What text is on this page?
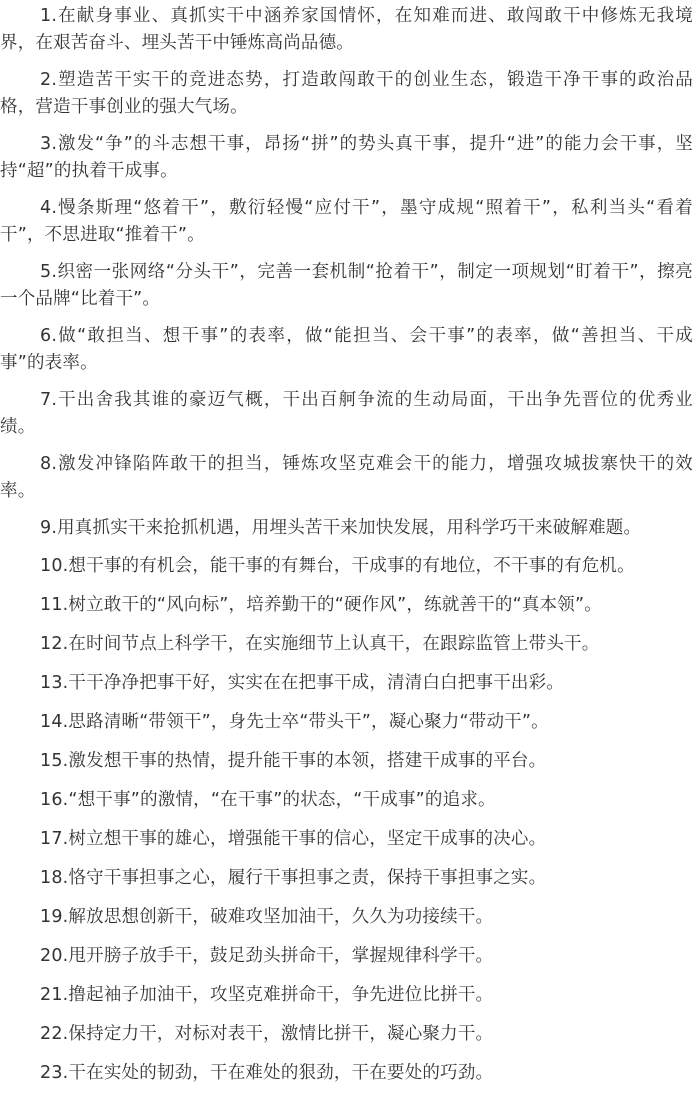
1.在献身事业、真抓实干中涵养家国情怀，在知难而进、敢闯敢干中修炼无我境界，在艰苦奋斗、埋头苦干中锤炼高尚品德。

2.塑造苦干实干的竞进态势，打造敢闯敢干的创业生态，锻造干净干事的政治品格，营造干事创业的强大气场。

3.激发“争”的斗志想干事，昂扬“拼”的势头真干事，提升“进”的能力会干事，坚持“超”的执着干成事。

4.慢条斯理“悠着干”，敷衍轻慢“应付干”，墨守成规“照着干”，私利当头“看着干”，不思进取“推着干”。

5.织密一张网络“分头干”，完善一套机制“抢着干”，制定一项规划“盯着干”，擦亮一个品牌“比着干”。

6.做“敢担当、想干事”的表率，做“能担当、会干事”的表率，做“善担当、干成事”的表率。

7.干出舍我其谁的豪迈气概，干出百舸争流的生动局面，干出争先晋位的优秀业绩。

8.激发冲锋陷阵敢干的担当，锤炼攻坚克难会干的能力，增强攻城拔寨快干的效率。

9.用真抓实干来抢抓机遇，用埋头苦干来加快发展，用科学巧干来破解难题。

10.想干事的有机会，能干事的有舞台，干成事的有地位，不干事的有危机。

11.树立敢干的“风向标”，培养勤干的“硬作风”，练就善干的“真本领”。

12.在时间节点上科学干，在实施细节上认真干，在跟踪监管上带头干。

13.干干净净把事干好，实实在在把事干成，清清白白把事干出彩。

14.思路清晰“带领干”，身先士卒“带头干”，凝心聚力“带动干”。

15.激发想干事的热情，提升能干事的本领，搭建干成事的平台。

16.“想干事”的激情，“在干事”的状态，“干成事”的追求。

17.树立想干事的雄心，增强能干事的信心，坚定干成事的决心。

18.恪守干事担事之心，履行干事担事之责，保持干事担事之实。

19.解放思想创新干，破难攻坚加油干，久久为功接续干。

20.甩开膀子放手干，鼓足劲头拼命干，掌握规律科学干。

21.撸起袖子加油干，攻坚克难拼命干，争先进位比拼干。

22.保持定力干，对标对表干，激情比拼干，凝心聚力干。

23.干在实处的韧劲，干在难处的狠劲，干在要处的巧劲。
